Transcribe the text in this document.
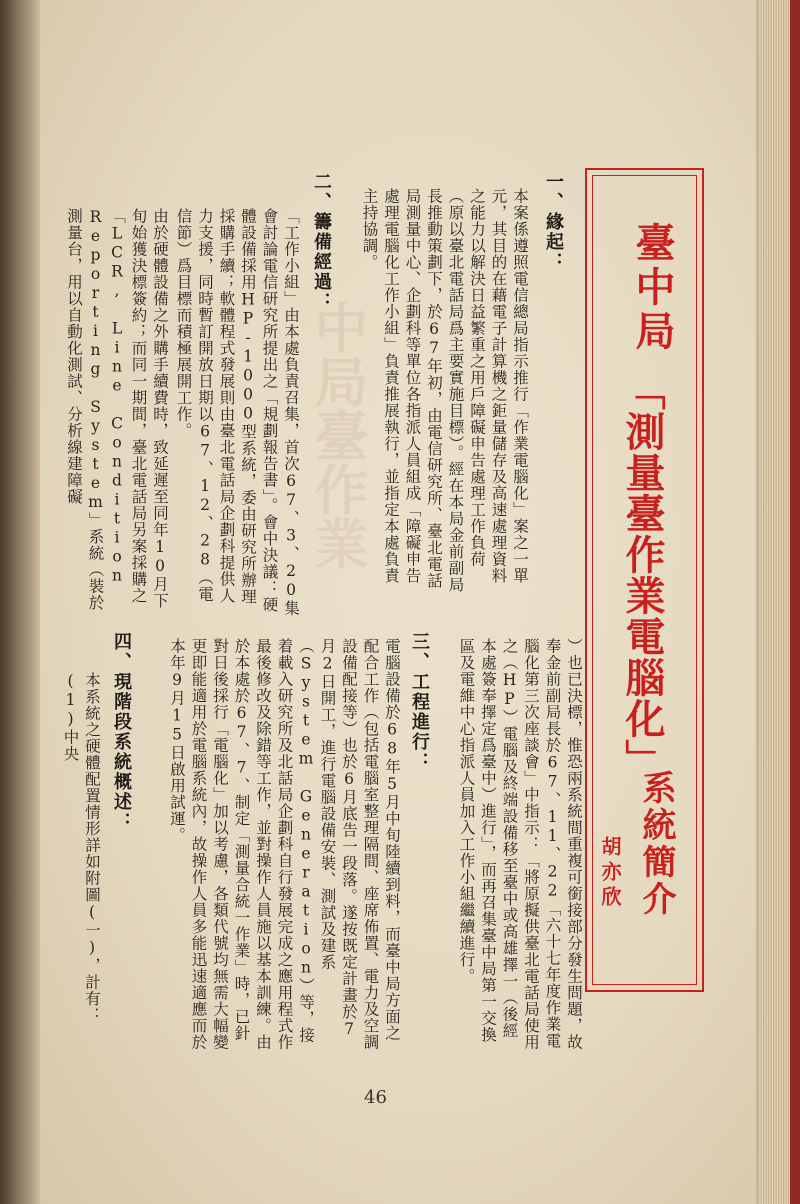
中局臺作業
臺中局
「測量臺作業電腦化」
系統簡介
胡亦欣
一、緣起：
二、籌備經過：
三、工程進行：
四、現階段系統概述：
本案係遵照電信總局指示推行「作業電腦化」案之一單元，其目的在藉電子計算機之鉅量儲存及高速處理資料之能力以解決日益繁重之用戶障礙申告處理工作負荷（原以臺北電話局爲主要實施目標）。經在本局金前副局長推動策劃下，於67年初，由電信研究所、臺北電話局測量中心、企劃科等單位各指派人員組成「障礙申告處理電腦化工作小組」負責推展執行，並指定本處負責主持協調。
「工作小組」由本處負責召集，首次67、3、20集會討論電信研究所提出之「規劃報告書」。會中決議：硬體設備採用HP-1000型系統，委由研究所辦理採購手續；軟體程式發展則由臺北電話局企劃科提供人力支援，同時暫訂開放日期以67、12、28（電信節）爲目標而積極展開工作。
由於硬體設備之外購手續費時，致延遲至同年10月下旬始獲決標簽約；而同一期間，臺北電話局另案採購之「LCR, Line Condition Reporting System」系統（裝於測量台，用以自動化測試、分析線建障礙
）也已決標，惟恐兩系統間重複可銜接部分發生問題，故奉金前副局長於67、11、22「六十七年度作業電腦化第三次座談會」中指示：「將原擬供臺北電話局使用之（HP）電腦及終端設備移至臺中或高雄擇一（後經本處簽奉擇定爲臺中）進行」，而再召集臺中局第一交換區及電維中心指派人員加入工作小組繼續進行。
電腦設備於68年5月中旬陸續到料，而臺中局方面之配合工作（包括電腦室整理隔間、座席佈置、電力及空調設備配接等）也於6月底告一段落。遂按既定計畫於7月2日開工，進行電腦設備安裝、測試及建系（System Generation）等，接着載入研究所及北話局企劃科自行發展完成之應用程式作最後修改及除錯等工作，並對操作人員施以基本訓練。由於本處於67、7、制定「測量合統一作業」時，已針對日後採行「電腦化」加以考慮，各類代號均無需大幅變更即能適用於電腦系統內，故操作人員多能迅速適應而於本年9月15日啟用試運。
本系統之硬體配置情形詳如附圖(一)，計有：(1)中央
46
